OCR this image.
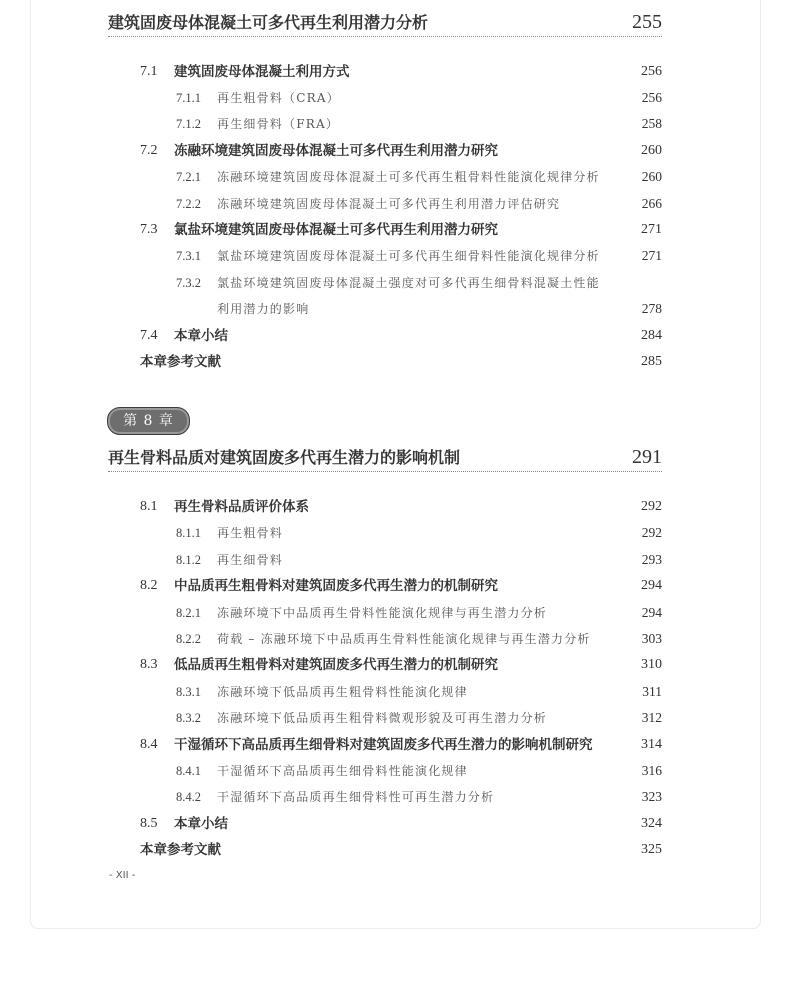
建筑固废母体混凝土可多代再生利用潜力分析	255
7.1 建筑固废母体混凝土利用方式	256
7.1.1 再生粗骨料（CRA）	256
7.1.2 再生细骨料（FRA）	258
7.2 冻融环境建筑固废母体混凝土可多代再生利用潜力研究	260
7.2.1 冻融环境建筑固废母体混凝土可多代再生粗骨料性能演化规律分析	260
7.2.2 冻融环境建筑固废母体混凝土可多代再生利用潜力评估研究	266
7.3 氯盐环境建筑固废母体混凝土可多代再生利用潜力研究	271
7.3.1 氯盐环境建筑固废母体混凝土可多代再生细骨料性能演化规律分析	271
7.3.2 氯盐环境建筑固废母体混凝土强度对可多代再生细骨料混凝土性能
利用潜力的影响	278
7.4 本章小结	284
本章参考文献	285
第 8 章
再生骨料品质对建筑固废多代再生潜力的影响机制	291
8.1 再生骨料品质评价体系	292
8.1.1 再生粗骨料	292
8.1.2 再生细骨料	293
8.2 中品质再生粗骨料对建筑固废多代再生潜力的机制研究	294
8.2.1 冻融环境下中品质再生骨料性能演化规律与再生潜力分析	294
8.2.2 荷载 – 冻融环境下中品质再生骨料性能演化规律与再生潜力分析	303
8.3 低品质再生粗骨料对建筑固废多代再生潜力的机制研究	310
8.3.1 冻融环境下低品质再生粗骨料性能演化规律	311
8.3.2 冻融环境下低品质再生粗骨料微观形貌及可再生潜力分析	312
8.4 干湿循环下高品质再生细骨料对建筑固废多代再生潜力的影响机制研究	314
8.4.1 干湿循环下高品质再生细骨料性能演化规律	316
8.4.2 干湿循环下高品质再生细骨料性可再生潜力分析	323
8.5 本章小结	324
本章参考文献	325
- XII -
